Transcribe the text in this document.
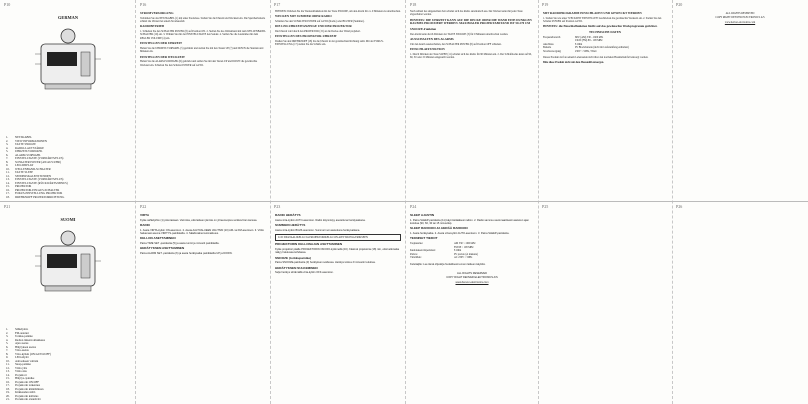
P10	P16	P17	P18	P19	P20
P21	P22	P23	P24	P25	P26
GERMAN
1. NETZKABEL
2. VIEW INFORMATIONEN
3. TASTE SNOOZE
4. RADIO-LAUTSTÄRKE
5. UHRZEIT-VORWAHL
6. ALARM-VORWAHL
7. EINSTELLTASTE (VORWÄRTS/PLUS)
8. SCHALTER POWER (AN/AUS/UHR)
9. LED-DISPLAY
10. WELLENBAND-SCHALTER
11. TASTE SLEEP
12. SENDERSKALENSTUNDEN
13. EINSTELLTASTE (VORWÄRTS/PLUS)
14. EINSTELLTASTE (RÜCKWÄRTS/MINUS)
15. PROJEKTOR
16. PROJEKTOR-EIN/AUS-SCHALTER
17. FOKUS-EINSTELLUNG PROJEKTOR
18. DREHKNOPF PROJEKTORRICHTUNG
STROMVERSORGUNG

Verbinden Sie das NETZKABEL (1) mit einer Steckdose. Stellen Sie die Uhrzeit und Weckzeit ein. Die Speicherbatterie schützt die Uhrzeit bei einem Stromausfall.

RADIOBETRIEB

1. Schieben Sie den SCHALTER POWER (8) auf Position ON. 2. Stellen Sie das Wellenband mit dem WELLENBAND-SCHALTER (10) ein. 3. Wählen Sie mit der EINSTELLTASTE den Sender. 4. Stellen Sie die Lautstärke mit dem REGLER VOLUME (4) ein.

EINSTELLEN DER UHRZEIT

Halten Sie die UHRZEIT-VORWAHL (5) gedrückt und stellen Sie mit den Tasten UP (7) und DOWN die Stunden und Minuten ein.

EINSTELLEN DER WECKZEIT

Halten Sie die ALARM-VORWAHL (6) gedrückt und stellen Sie mit den Tasten UP und DOWN die gewünschte Weckzeit ein. Schieben Sie den Schalter POWER auf AUTO.

HINWEIS: Drücken Sie die Weckzeitfunktion mit der Taste SNOOZE, um den Alarm für ca. 9 Minuten zu unterbrechen.

WECKEN MIT SUMMER ODER RADIO

Schieben Sie den SCHALTER POWER auf AUTO (Radio) oder BUZZER (Summer).

DIE LED-UHRZEITANZEIGE UND DER PROJEKTOR

Die Uhrzeit wird durch den PROJEKTOR (15) an die Decke oder Wand projiziert.

EINSTELLEN DES PROJEKTOR-UHRZEIT

Drehen Sie den DREHKNOPF (18) bis die Uhrzeit in der gewünschten Richtung steht. Mit der FOKUS-EINSTELLUNG (17) stellen Sie die Schärfe ein.

Nach Ablauf der eingestellten Zeit schaltet sich das Radio automatisch aus. Der Wecker kann mit jeder Taste abgeschaltet werden.

HINWEIS: DIE UHRZEIT KANN AUF DIE DECKE ODER DIE WAND EINE DUNKLEN RAUMES PROJIZIERT WERDEN. MAXIMALER PROJEKTABSTAND IST 50-270 CM
SNOOZE-Funktion

Der Alarm kann durch Drücken der TASTE SNOOZE (3) für 9 Minuten unterbrochen werden.

AUSSCHALTEN DES ALARMS

Um den Alarm auszuschalten, den SCHALTER POWER (8) auf Position OFF schieben.

EINSCHLAFFUNKTION

1. Durch Drücken der Taste SLEEP (11) schaltet sich das Radio für 90 Minuten ein. 2. Der Schlafmodus kann auf 90, 60, 30 oder 15 Minuten eingestellt werden.

MIT RADIOPROGRAMM EINSCHLAFEN UND GEWECKT WERDEN

1. Stellen Sie wie unter 'WECKZEIT EINSTELLEN' beschrieben die gewünschte Weckzeit ein. 2. Stellen Sie den Schalter POWER auf Position AUTO.

HINWEIS: die Einschlaffunktion bleibt auf das gewünschte Weckprogramm gerichtet.
TECHNISCHE DATEN
Frequenzbereich	MW (AM) 530 - 1600 kHz
UKW (FM) 88 - 108 MHz
Anschluss	8 Ohm
Batterie	9V Blockbatterie (nicht im Lieferumfang enthalten)
Stromversorgung	230V ~ 50Hz, 5Watt

Dieses Produkt darf an seinem Lebensende nicht über den normalen Haushaltsabfall entsorgt werden.

Bitte diese Produkt nicht mit dem Hausmüll entsorgen.

ALL RIGHTS RESERVED

COPY RIGHT DENVER ELECTRONICS A/S

www.denver-electronics.com

SUOMI
1. Sähköjohto
2. FM-antenni
3. Torkku-painike
4. Radion äänenvoimakkuus
5. Ajan asetus
6. Hälytyksen asetus
7. Virta-asetus
8. Virta-kytkin (ON/AUTO/OFF)
9. LED-näyttö
10. Aaltoalueen valitsin
11. Sleep-painike
12. Virita ylös
13. Virita alas
14. Projektori
15. Hälytys-/painike
16. Projektorin ON/OFF
17. Projektorin tarkennus
18. Projektorin kääntäminen
19. Kirkkauden säätö
20. Projektorin kallistus
21. Projektorin ajannäyttö
VIRTA

Kytke sähköjohto (1) pistorasiaan. Varmista, että laitteen jännite on yhteensopiva verkkovirran kanssa.

RADIO

1. Aseta VIRTA-kytkin ON-asentoon. 2. Aseta AALTOALUEEN VALITSIN (10) AM- tai FM-asentoon. 3. Viritä haluamasi asema VIRITYS-painikkeilla. 4. Säädä äänenvoimakkuus.

KELLON ASETTAMINEN

Paina TIME SET -painiketta (5) ja aseta tunnit ja minuutit painikkeilla.

HERÄTYKSEN ASETTAMINEN

Paina ALARM SET -painiketta (6) ja aseta herätysaika painikkeilla UP ja DOWN.

RADIO HERÄTYS

Aseta virta-kytkin AUTO-asentoon. Radio käynnistyy asetettuna herätysaikana.

SUMMERI HERÄTYS

Aseta virta-kytkin BUZZ-asentoon. Summeri soi asetettuna herätysaikana.

LCD DIGITAALIKELLO JA PROJEKTORIKELLO ON AJETTAVISSA ERIKSEEN
PROJEKTORIN KELLONAJAN ASETTAMINEN

Kytke projektori päälle PROJEKTORIN ON/OFF-kytkimellä (16). Käännä projektoria (18) niin, että kellonaika näkyy halutussa kohdassa.

SNOOZE (torkkupainike)

Paina SNOOZE-painiketta (3) herätyksen soidessa. Herätys toistuu 9 minuutin kuluttua.

HERÄTYKSEN SULKEMINEN

Sulje herätys siirtämällä virta-kytkin OFF-asentoon.

SLEEP AJASTIN

1. Paina SLEEP-painiketta (11) käynnistääksesi radion. 2. Radio sammuu automaattisesti asetetun ajan kuluttua (90, 60, 30 tai 15 minuuttia).

SLEEP RADIOON JA HERÄÄ RADIOON

1. Aseta herätysaika. 2. Aseta virta-kytkin AUTO-asentoon. 3. Paina SLEEP-painiketta.

TEKNISET TIEDOT
Taajuusalue:	AM 530 ~ 1600 kHz
FM 88 ~ 108 MHz
Kuulokkeen impedanssi:	8 Ohm
Paristo:	9V paristo (ei mukana)
Virtalähde:	AC 230V ~ 50Hz

Kuluttajille: Lue tämä ohjekirja huolellisesti ennen laitteen käyttöä.

ALL RIGHTS RESERVED

COPY RIGHT DENVER ELECTRONICS A/S

www.denver-electronics.com
